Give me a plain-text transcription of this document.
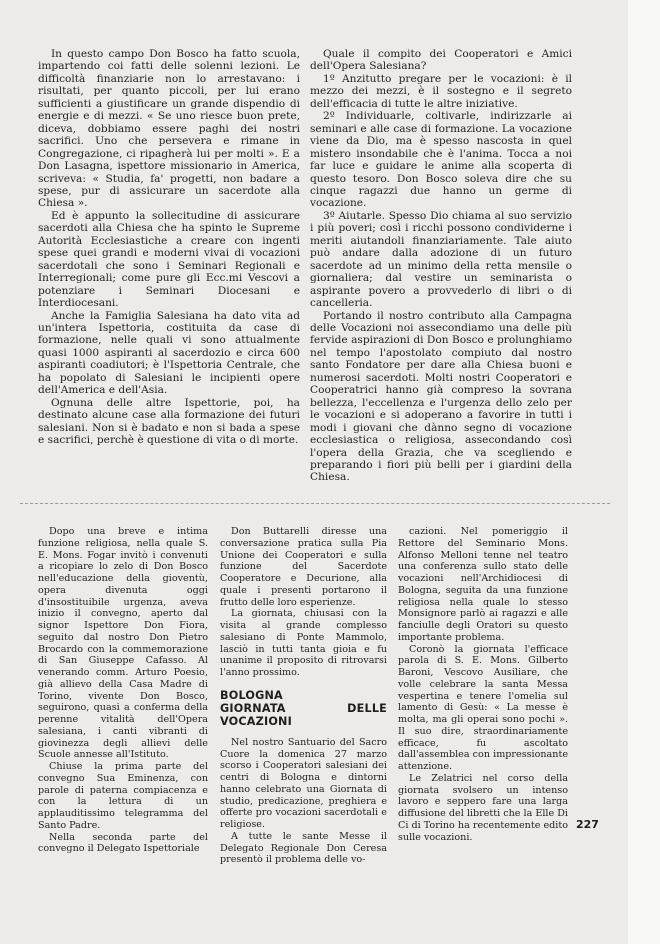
In questo campo Don Bosco ha fatto scuola, impartendo coi fatti delle solenni lezioni. Le difficoltà finanziarie non lo arrestavano: i risultati, per quanto piccoli, per lui erano sufficienti a giustificare un grande dispendio di energie e di mezzi. « Se uno riesce buon prete, diceva, dobbiamo essere paghi dei nostri sacrifici. Uno che persevera e rimane in Congregazione, ci ripagherà lui per molti ». E a Don Lasagna, ispettore missionario in America, scriveva: « Studia, fa' progetti, non badare a spese, pur di assicurare un sacerdote alla Chiesa ».

Ed è appunto la sollecitudine di assicurare sacerdoti alla Chiesa che ha spinto le Supreme Autorità Ecclesiastiche a creare con ingenti spese quei grandi e moderni vivai di vocazioni sacerdotali che sono i Seminari Regionali e Interregionali; come pure gli Ecc.mi Vescovi a potenziare i Seminari Diocesani e Interdiocesani.

Anche la Famiglia Salesiana ha dato vita ad un'intera Ispettoria, costituita da case di formazione, nelle quali vi sono attualmente quasi 1000 aspiranti al sacerdozio e circa 600 aspiranti coadiutori; è l'Ispettoria Centrale, che ha popolato di Salesiani le incipienti opere dell'America e dell'Asia.

Ognuna delle altre Ispettorie, poi, ha destinato alcune case alla formazione dei futuri salesiani. Non si è badato e non si bada a spese e sacrifici, perchè è questione di vita o di morte.

Quale il compito dei Cooperatori e Amici dell'Opera Salesiana?

1º Anzitutto pregare per le vocazioni: è il mezzo dei mezzi, è il sostegno e il segreto dell'efficacia di tutte le altre iniziative.

2º Individuarle, coltivarle, indirizzarle ai seminari e alle case di formazione. La vocazione viene da Dio, ma è spesso nascosta in quel mistero insondabile che è l'anima. Tocca a noi far luce e guidare le anime alla scoperta di questo tesoro. Don Bosco soleva dire che su cinque ragazzi due hanno un germe di vocazione.

3º Aiutarle. Spesso Dio chiama al suo servizio i più poveri; così i ricchi possono condividerne i meriti aiutandoli finanziariamente. Tale aiuto può andare dalla adozione di un futuro sacerdote ad un minimo della retta mensile o giornaliera; dal vestire un seminarista o aspirante povero a provvederlo di libri o di cancelleria.

Portando il nostro contributo alla Campagna delle Vocazioni noi assecondiamo una delle più fervide aspirazioni di Don Bosco e prolunghiamo nel tempo l'apostolato compiuto dal nostro santo Fondatore per dare alla Chiesa buoni e numerosi sacerdoti. Molti nostri Cooperatori e Cooperatrici hanno già compreso la sovrana bellezza, l'eccellenza e l'urgenza dello zelo per le vocazioni e si adoperano a favorire in tutti i modi i giovani che dànno segno di vocazione ecclesiastica o religiosa, assecondando così l'opera della Grazia, che va scegliendo e preparando i fiori più belli per i giardini della Chiesa.

Dopo una breve e intima funzione religiosa, nella quale S. E. Mons. Fogar invitò i convenuti a ricopiare lo zelo di Don Bosco nell'educazione della gioventù, opera divenuta oggi d'insostituibile urgenza, aveva inizio il convegno, aperto dal signor Ispettore Don Fiora, seguito dal nostro Don Pietro Brocardo con la commemorazione di San Giuseppe Cafasso. Al venerando comm. Arturo Poesio, già allievo della Casa Madre di Torino, vivente Don Bosco, seguirono, quasi a conferma della perenne vitalità dell'Opera salesiana, i canti vibranti di giovinezza degli allievi delle Scuole annesse all'Istituto.

Chiuse la prima parte del convegno Sua Eminenza, con parole di paterna compiacenza e con la lettura di un applauditissimo telegramma del Santo Padre.

Nella seconda parte del convegno il Delegato Ispettoriale

Don Buttarelli diresse una conversazione pratica sulla Pia Unione dei Cooperatori e sulla funzione del Sacerdote Cooperatore e Decurione, alla quale i presenti portarono il frutto delle loro esperienze.

La giornata, chiusasi con la visita al grande complesso salesiano di Ponte Mammolo, lasciò in tutti tanta gioia e fu unanime il proposito di ritrovarsi l'anno prossimo.

BOLOGNA
GIORNATA DELLE VOCAZIONI

Nel nostro Santuario del Sacro Cuore la domenica 27 marzo scorso i Cooperatori salesiani dei centri di Bologna e dintorni hanno celebrato una Giornata di studio, predicazione, preghiera e offerte pro vocazioni sacerdotali e religiose.

A tutte le sante Messe il Delegato Regionale Don Ceresa presentò il problema delle vo-

cazioni. Nel pomeriggio il Rettore del Seminario Mons. Alfonso Melloni tenne nel teatro una conferenza sullo stato delle vocazioni nell'Archidiocesi di Bologna, seguita da una funzione religiosa nella quale lo stesso Monsignore parlò ai ragazzi e alle fanciulle degli Oratori su questo importante problema.

Coronò la giornata l'efficace parola di S. E. Mons. Gilberto Baroni, Vescovo Ausiliare, che volle celebrare la santa Messa vespertina e tenere l'omelia sul lamento di Gesù: « La messe è molta, ma gli operai sono pochi ». Il suo dire, straordinariamente efficace, fu ascoltato dall'assemblea con impressionante attenzione.

Le Zelatrici nel corso della giornata svolsero un intenso lavoro e seppero fare una larga diffusione del libretti che la Elle Di Ci di Torino ha recentemente edito sulle vocazioni.

227
